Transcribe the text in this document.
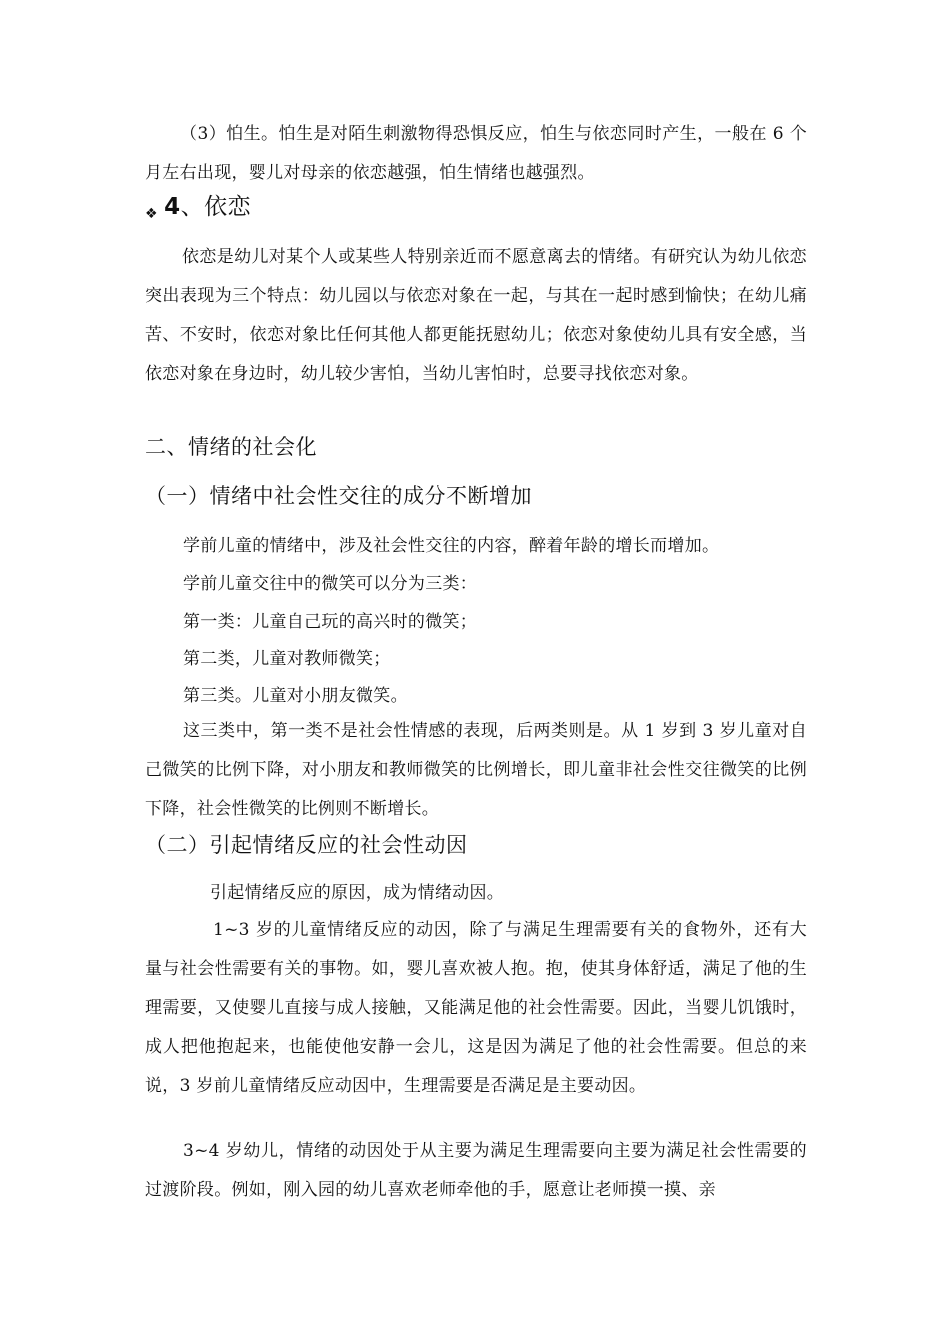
（3）怕生。怕生是对陌生刺激物得恐惧反应，怕生与依恋同时产生，一般在 6 个月左右出现，婴儿对母亲的依恋越强，怕生情绪也越强烈。
❖ 4、依恋
依恋是幼儿对某个人或某些人特别亲近而不愿意离去的情绪。有研究认为幼儿依恋突出表现为三个特点：幼儿园以与依恋对象在一起，与其在一起时感到愉快；在幼儿痛苦、不安时，依恋对象比任何其他人都更能抚慰幼儿；依恋对象使幼儿具有安全感，当依恋对象在身边时，幼儿较少害怕，当幼儿害怕时，总要寻找依恋对象。
二、情绪的社会化
（一）情绪中社会性交往的成分不断增加
学前儿童的情绪中，涉及社会性交往的内容，醉着年龄的增长而增加。
学前儿童交往中的微笑可以分为三类：
第一类：儿童自己玩的高兴时的微笑；
第二类，儿童对教师微笑；
第三类。儿童对小朋友微笑。
这三类中，第一类不是社会性情感的表现，后两类则是。从 1 岁到 3 岁儿童对自己微笑的比例下降，对小朋友和教师微笑的比例增长，即儿童非社会性交往微笑的比例下降，社会性微笑的比例则不断增长。
（二）引起情绪反应的社会性动因
引起情绪反应的原因，成为情绪动因。
1~3 岁的儿童情绪反应的动因，除了与满足生理需要有关的食物外，还有大量与社会性需要有关的事物。如，婴儿喜欢被人抱。抱，使其身体舒适，满足了他的生理需要，又使婴儿直接与成人接触，又能满足他的社会性需要。因此，当婴儿饥饿时，成人把他抱起来，也能使他安静一会儿，这是因为满足了他的社会性需要。但总的来说，3 岁前儿童情绪反应动因中，生理需要是否满足是主要动因。
3~4 岁幼儿，情绪的动因处于从主要为满足生理需要向主要为满足社会性需要的过渡阶段。例如，刚入园的幼儿喜欢老师牵他的手，愿意让老师摸一摸、亲
